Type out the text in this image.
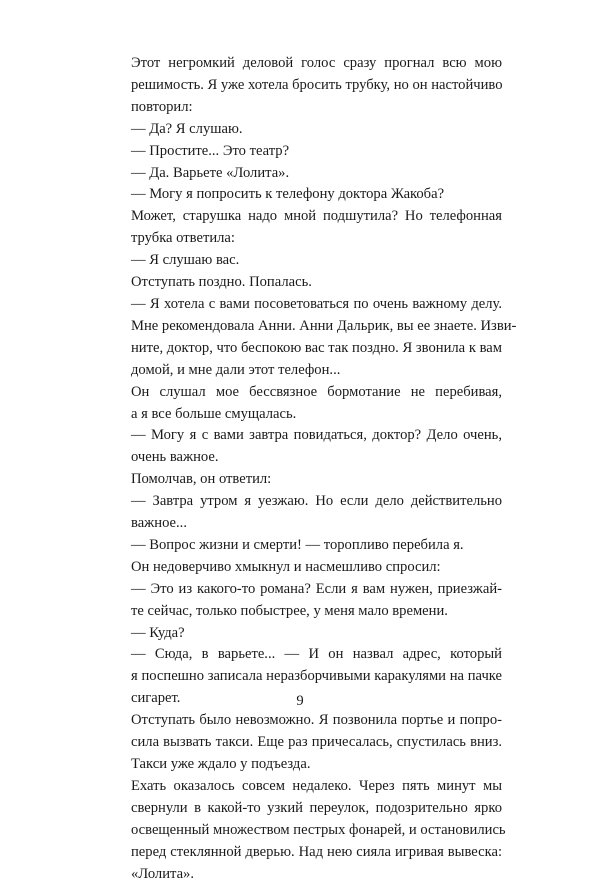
Этот негромкий деловой голос сразу прогнал всю мою
решимость. Я уже хотела бросить трубку, но он настойчиво
повторил:

— Да? Я слушаю.

— Простите... Это театр?

— Да. Варьете «Лолита».

— Могу я попросить к телефону доктора Жакоба?

Может, старушка надо мной подшутила? Но телефонная
трубка ответила:

— Я слушаю вас.

Отступать поздно. Попалась.

— Я хотела с вами посоветоваться по очень важному делу.
Мне рекомендовала Анни. Анни Дальрик, вы ее знаете. Изви-
ните, доктор, что беспокою вас так поздно. Я звонила к вам
домой, и мне дали этот телефон...

Он слушал мое бессвязное бормотание не перебивая,
а я все больше смущалась.

— Могу я с вами завтра повидаться, доктор? Дело очень,
очень важное.

Помолчав, он ответил:

— Завтра утром я уезжаю. Но если дело действительно
важное...

— Вопрос жизни и смерти! — торопливо перебила я.

Он недоверчиво хмыкнул и насмешливо спросил:

— Это из какого-то романа? Если я вам нужен, приезжай-
те сейчас, только побыстрее, у меня мало времени.

— Куда?

— Сюда, в варьете... — И он назвал адрес, который
я поспешно записала неразборчивыми каракулями на пачке
сигарет.

Отступать было невозможно. Я позвонила портье и попро-
сила вызвать такси. Еще раз причесалась, спустилась вниз.
Такси уже ждало у подъезда.

Ехать оказалось совсем недалеко. Через пять минут мы
свернули в какой-то узкий переулок, подозрительно ярко
освещенный множеством пестрых фонарей, и остановились
перед стеклянной дверью. Над нею сияла игривая вывеска:
«Лолита».

9
